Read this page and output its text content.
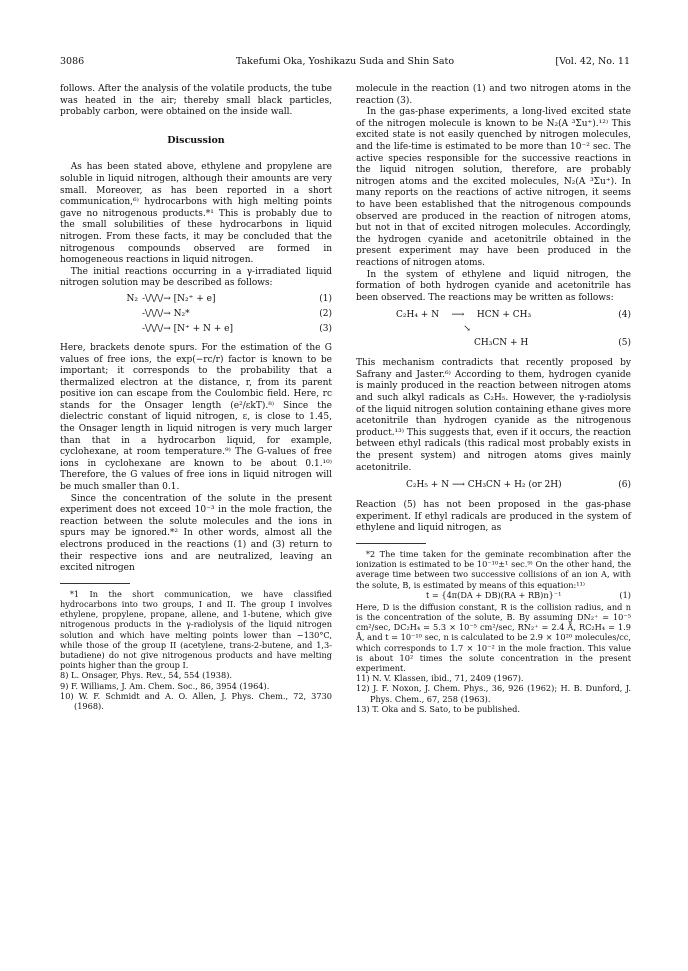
3086	Takefumi Oka, Yoshikazu Suda and Shin Sato	[Vol. 42, No. 11

follows. After the analysis of the volatile products, the tube was heated in the air; thereby small black particles, probably carbon, were obtained on the inside wall.

Discussion

As has been stated above, ethylene and propylene are soluble in liquid nitrogen, although their amounts are very small. Moreover, as has been reported in a short communication,⁶⁾ hydrocarbons with high melting points gave no nitrogenous products.*¹ This is probably due to the small solubilities of these hydrocarbons in liquid nitrogen. From these facts, it may be concluded that the nitrogenous compounds observed are formed in homogeneous reactions in liquid nitrogen.

The initial reactions occurring in a γ-irradiated liquid nitrogen solution may be described as follows:

N₂ -\/\/\/→ [N₂⁺ + e]	(1)
-\/\/\/→ N₂*	(2)
-\/\/\/→ [N⁺ + N + e]	(3)

Here, brackets denote spurs. For the estimation of the G values of free ions, the exp(−rc/r) factor is known to be important; it corresponds to the probability that a thermalized electron at the distance, r, from its parent positive ion can escape from the Coulombic field. Here, rc stands for the Onsager length (e²/εkT).⁸⁾ Since the dielectric constant of liquid nitrogen, ε, is close to 1.45, the Onsager length in liquid nitrogen is very much larger than that in a hydrocarbon liquid, for example, cyclohexane, at room temperature.⁹⁾ The G-values of free ions in cyclohexane are known to be about 0.1.¹⁰⁾ Therefore, the G values of free ions in liquid nitrogen will be much smaller than 0.1.

Since the concentration of the solute in the present experiment does not exceed 10⁻³ in the mole fraction, the reaction between the solute molecules and the ions in spurs may be ignored.*² In other words, almost all the electrons produced in the reactions (1) and (3) return to their respective ions and are neutralized, leaving an excited nitrogen

*1 In the short communication, we have classified hydrocarbons into two groups, I and II. The group I involves ethylene, propylene, propane, allene, and 1-butene, which give nitrogenous products in the γ-radiolysis of the liquid nitrogen solution and which have melting points lower than −130°C, while those of the group II (acetylene, trans-2-butene, and 1,3-butadiene) do not give nitrogenous products and have melting points higher than the group I.

8) L. Onsager, Phys. Rev., 54, 554 (1938).

9) F. Williams, J. Am. Chem. Soc., 86, 3954 (1964).

10) W. F. Schmidt and A. O. Allen, J. Phys. Chem., 72, 3730 (1968).

molecule in the reaction (1) and two nitrogen atoms in the reaction (3).

In the gas-phase experiments, a long-lived excited state of the nitrogen molecule is known to be N₂(A ³Σu⁺).¹²⁾ This excited state is not easily quenched by nitrogen molecules, and the life-time is estimated to be more than 10⁻² sec. The active species responsible for the successive reactions in the liquid nitrogen solution, therefore, are probably nitrogen atoms and the excited molecules, N₂(A ³Σu⁺). In many reports on the reactions of active nitrogen, it seems to have been established that the nitrogenous compounds observed are produced in the reaction of nitrogen atoms, but not in that of excited nitrogen molecules. Accordingly, the hydrogen cyanide and acetonitrile obtained in the present experiment may have been produced in the reactions of nitrogen atoms.

In the system of ethylene and liquid nitrogen, the formation of both hydrogen cyanide and acetonitrile has been observed. The reactions may be written as follows:

C₂H₄ + N ⟶ HCN + CH₃	(4)
↘
CH₃CN + H	(5)

This mechanism contradicts that recently proposed by Safrany and Jaster.⁶⁾ According to them, hydrogen cyanide is mainly produced in the reaction between nitrogen atoms and such alkyl radicals as C₂H₅. However, the γ-radiolysis of the liquid nitrogen solution containing ethane gives more acetonitrile than hydrogen cyanide as the nitrogenous product.¹³⁾ This suggests that, even if it occurs, the reaction between ethyl radicals (this radical most probably exists in the present system) and nitrogen atoms gives mainly acetonitrile.

C₂H₅ + N ⟶ CH₃CN + H₂ (or 2H)	(6)

Reaction (5) has not been proposed in the gas-phase experiment. If ethyl radicals are produced in the system of ethylene and liquid nitrogen, as

*2 The time taken for the geminate recombination after the ionization is estimated to be 10⁻¹⁰±¹ sec.⁹⁾ On the other hand, the average time between two successive collisions of an ion A, with the solute, B, is estimated by means of this equation:¹¹⁾

t = {4π(DA + DB)(RA + RB)n}⁻¹	(1)

Here, D is the diffusion constant, R is the collision radius, and n is the concentration of the solute, B. By assuming DN₂⁺ = 10⁻⁵ cm²/sec, DC₂H₄ = 5.3 × 10⁻⁵ cm²/sec, RN₂⁺ = 2.4 Å, RC₂H₄ = 1.9 Å, and t = 10⁻¹⁰ sec, n is calculated to be 2.9 × 10²⁰ molecules/cc, which corresponds to 1.7 × 10⁻² in the mole fraction. This value is about 10² times the solute concentration in the present experiment.

11) N. V. Klassen, ibid., 71, 2409 (1967).

12) J. F. Noxon, J. Chem. Phys., 36, 926 (1962); H. B. Dunford, J. Phys. Chem., 67, 258 (1963).

13) T. Oka and S. Sato, to be published.
